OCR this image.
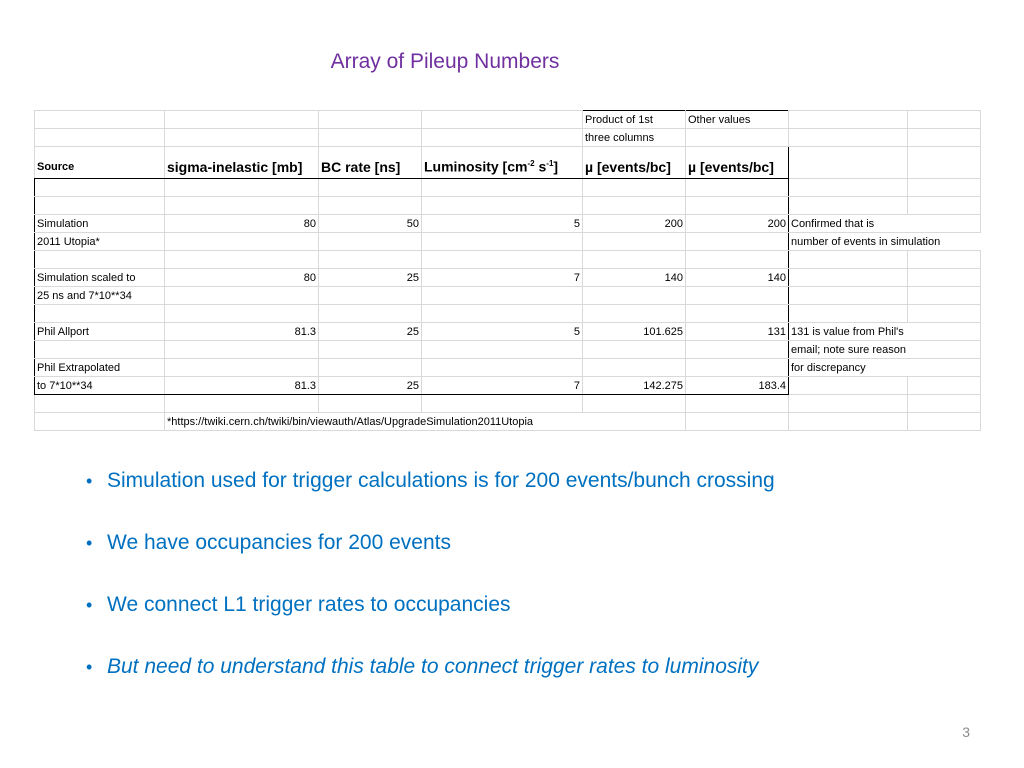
Array of Pileup Numbers
				Product of 1st	Other values		
				three columns			
Source	sigma-inelastic [mb]	BC rate [ns]	Luminosity [$cm^{-2}$ $s^{-1}$]	µ [events/bc]	µ [events/bc]		

Simulation	80	50	5	200	200	Confirmed that is	
2011 Utopia*						number of events in simulation	

Simulation scaled to	80	25	7	140	140		
25 ns and 7*10**34							

Phil Allport	81.3	25	5	101.625	131	131 is value from Phil's	
						email; note sure reason	
Phil Extrapolated						for discrepancy	
to 7*10**34	81.3	25	7	142.275	183.4		

	*https://twiki.cern.ch/twiki/bin/viewauth/Atlas/UpgradeSimulation2011Utopia						
• Simulation used for trigger calculations is for 200 events/bunch crossing
• We have occupancies for 200 events
• We connect L1 trigger rates to occupancies
• But need to understand this table to connect trigger rates to luminosity
3
